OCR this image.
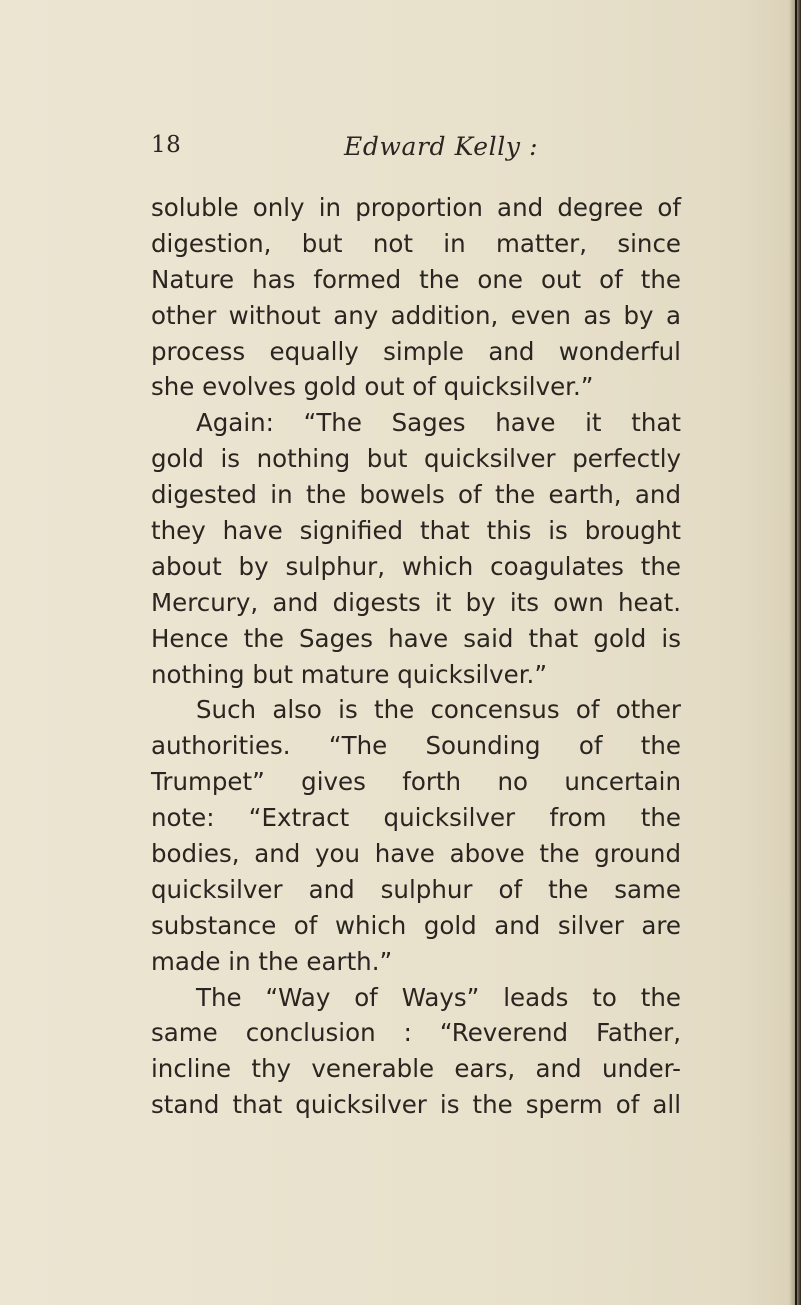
18	Edward Kelly :
soluble only in proportion and degree of
digestion, but not in matter, since
Nature has formed the one out of the
other without any addition, even as by a
process equally simple and wonderful
she evolves gold out of quicksilver.”
Again: “The Sages have it that
gold is nothing but quicksilver perfectly
digested in the bowels of the earth, and
they have signified that this is brought
about by sulphur, which coagulates the
Mercury, and digests it by its own heat.
Hence the Sages have said that gold is
nothing but mature quicksilver.”
Such also is the concensus of other
authorities. “The Sounding of the
Trumpet” gives forth no uncertain
note: “Extract quicksilver from the
bodies, and you have above the ground
quicksilver and sulphur of the same
substance of which gold and silver are
made in the earth.”
The “Way of Ways” leads to the
same conclusion : “Reverend Father,
incline thy venerable ears, and under-
stand that quicksilver is the sperm of all
